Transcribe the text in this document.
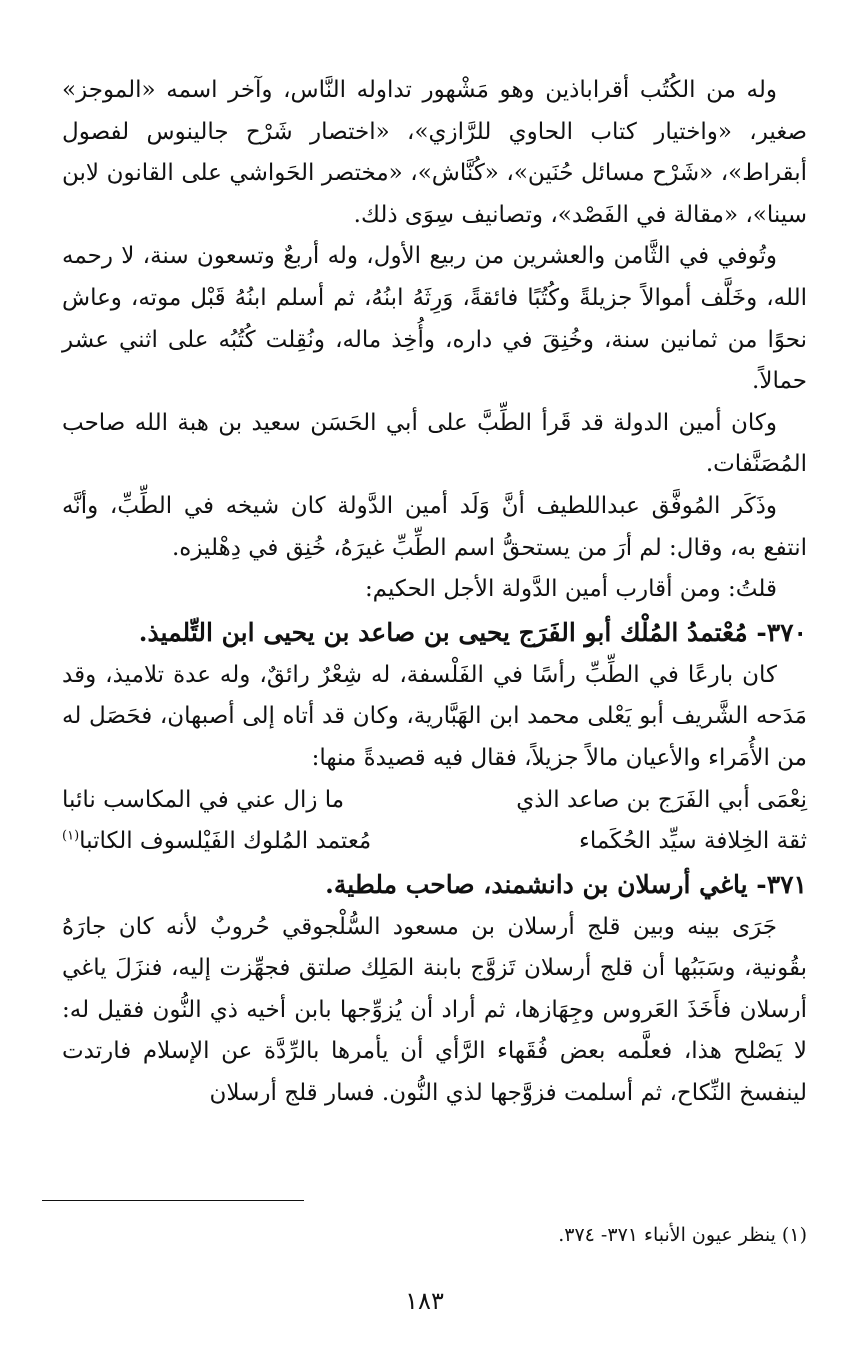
وله من الكُتُب أقراباذين وهو مَشْهور تداوله النَّاس، وآخر اسمه «الموجز» صغير، «واختيار كتاب الحاوي للرَّازي»، «اختصار شَرْح جالينوس لفصول أبقراط»، «شَرْح مسائل حُنَين»، «كُنَّاش»، «مختصر الحَواشي على القانون لابن سينا»، «مقالة في الفَصْد»، وتصانيف سِوَى ذلك.

وتُوفي في الثَّامن والعشرين من ربيع الأول، وله أربعٌ وتسعون سنة، لا رحمه الله، وخَلَّف أموالاً جزيلةً وكُتُبًا فائقةً، وَرِثَهُ ابنُهُ، ثم أسلم ابنُهُ قَبْل موته، وعاش نحوًا من ثمانين سنة، وخُنِقَ في داره، وأُخِذ ماله، ونُقِلت كُتُبُه على اثني عشر حمالاً.

وكان أمين الدولة قد قَرأ الطِّبَّ على أبي الحَسَن سعيد بن هبة الله صاحب المُصَنَّفات.

وذَكَر المُوفَّق عبداللطيف أنَّ وَلَد أمين الدَّولة كان شيخه في الطِّبِّ، وأنَّه انتفع به، وقال: لم أرَ من يستحقُّ اسم الطِّبِّ غيرَهُ، خُنِق في دِهْليزه.

قلتُ: ومن أقارب أمين الدَّولة الأجل الحكيم:

٣٧٠- مُعْتمدُ المُلْك أبو الفَرَج يحيى بن صاعد بن يحيى ابن التِّلميذ.

كان بارعًا في الطِّبِّ رأسًا في الفَلْسفة، له شِعْرٌ رائقٌ، وله عدة تلاميذ، وقد مَدَحه الشَّريف أبو يَعْلى محمد ابن الهَبَّارية، وكان قد أتاه إلى أصبهان، فحَصَل له من الأُمَراء والأعيان مالاً جزيلاً، فقال فيه قصيدةً منها:

نِعْمَى أبي الفَرَج بن صاعد الذي
ما زال عني في المكاسب نائبا
ثقة الخِلافة سيِّد الحُكَماء
مُعتمد المُلوك الفَيْلسوف الكاتبا$^{(١)}$

٣٧١- ياغي أرسلان بن دانشمند، صاحب ملطية.

جَرَى بينه وبين قلج أرسلان بن مسعود السُّلْجوقي حُروبٌ لأنه كان جارَهُ بقُونية، وسَبَبُها أن قلج أرسلان تَزوَّج بابنة المَلِك صلتق فجهِّزت إليه، فنزَلَ ياغي أرسلان فأَخَذَ العَروس وجِهَازها، ثم أراد أن يُزوِّجها بابن أخيه ذي النُّون فقيل له: لا يَصْلح هذا، فعلَّمه بعض فُقَهاء الرَّأي أن يأمرها بالرِّدَّة عن الإسلام فارتدت لينفسخ النِّكاح، ثم أسلمت فزوَّجها لذي النُّون. فسار قلج أرسلان

(١) ينظر عيون الأنباء ٣٧١- ٣٧٤.

١٨٣
